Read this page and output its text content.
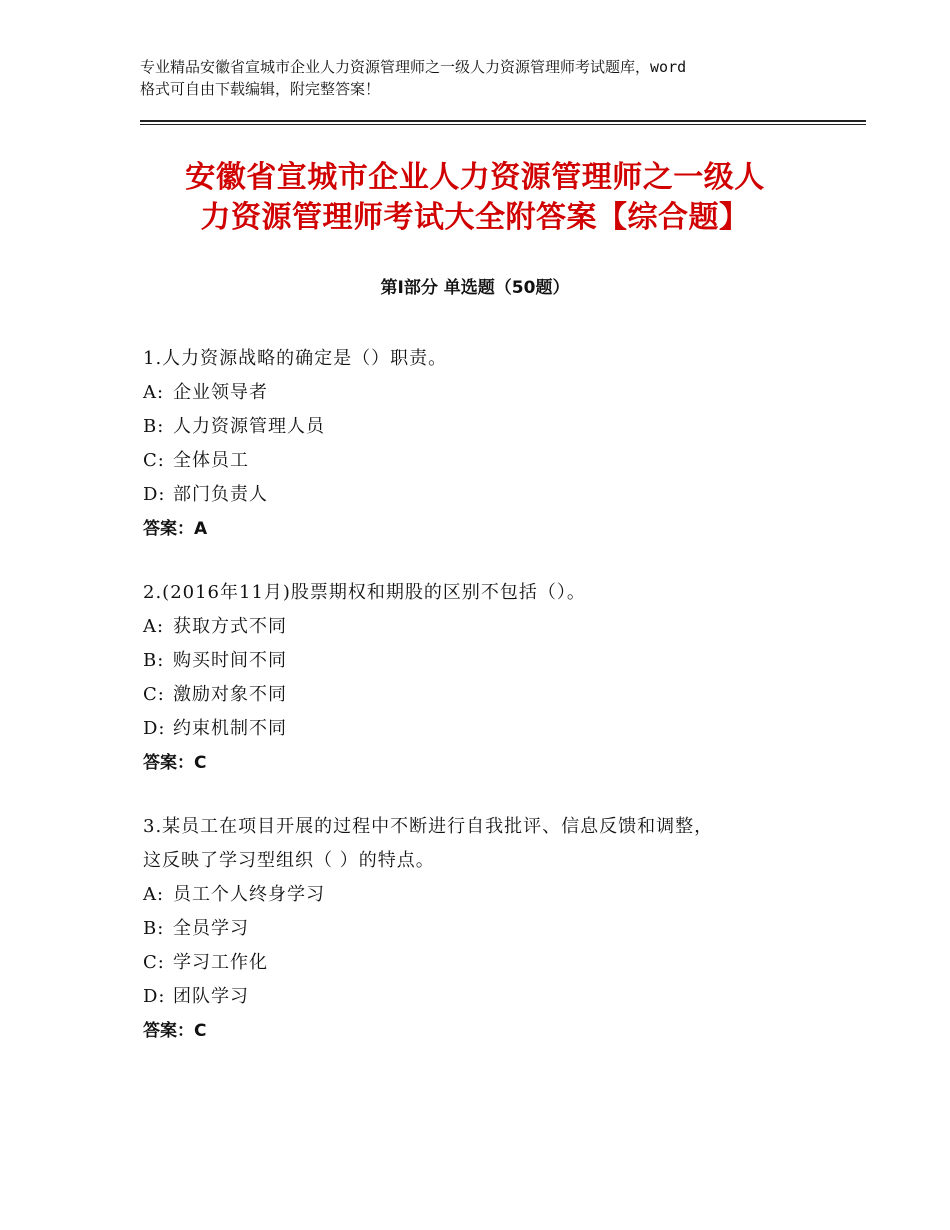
专业精品安徽省宣城市企业人力资源管理师之一级人力资源管理师考试题库，word
格式可自由下载编辑，附完整答案！
安徽省宣城市企业人力资源管理师之一级人
力资源管理师考试大全附答案【综合题】
第Ⅰ部分 单选题（50题）
1.人力资源战略的确定是（）职责。
A: 企业领导者
B: 人力资源管理人员
C: 全体员工
D: 部门负责人
答案：A
2.(2016年11月)股票期权和期股的区别不包括（）。
A: 获取方式不同
B: 购买时间不同
C: 激励对象不同
D: 约束机制不同
答案：C
3.某员工在项目开展的过程中不断进行自我批评、信息反馈和调整，
这反映了学习型组织（ ）的特点。
A: 员工个人终身学习
B: 全员学习
C: 学习工作化
D: 团队学习
答案：C
